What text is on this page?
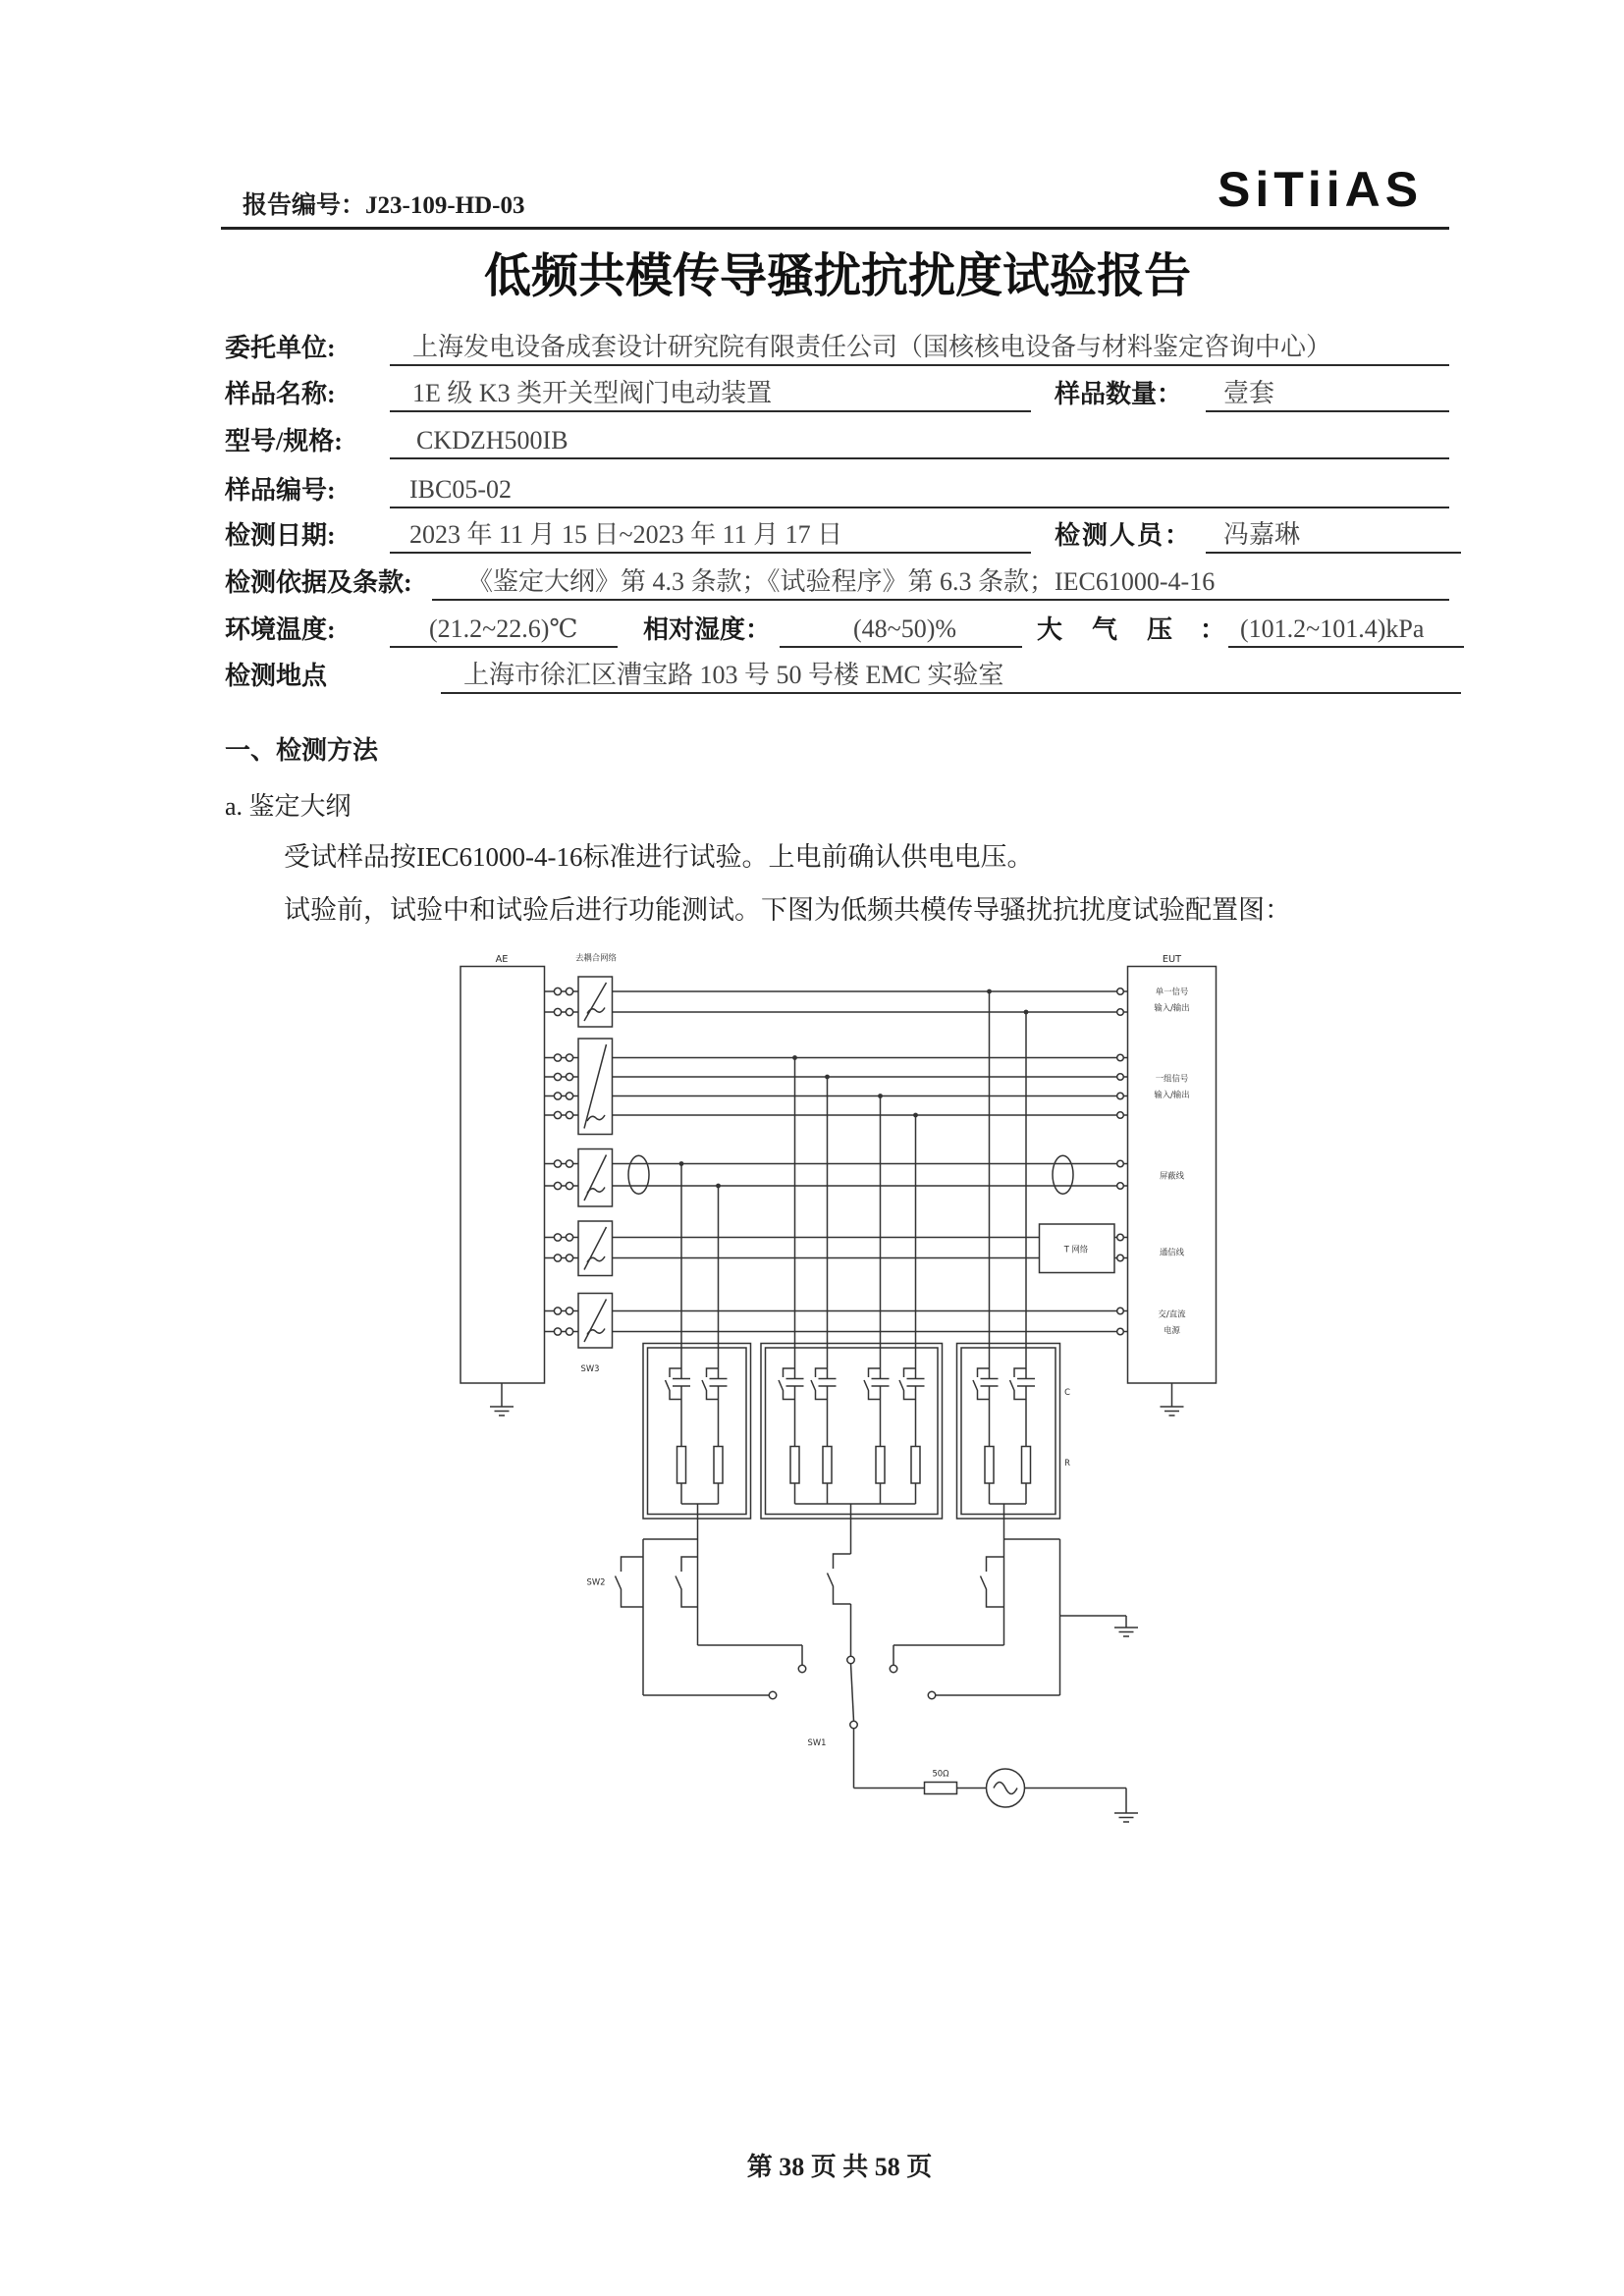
报告编号：J23-109-HD-03	SiTiiAS
低频共模传导骚扰抗扰度试验报告
委托单位:	上海发电设备成套设计研究院有限责任公司（国核核电设备与材料鉴定咨询中心）
样品名称:	1E 级 K3 类开关型阀门电动装置	样品数量：	壹套
型号/规格:	CKDZH500IB
样品编号:	IBC05-02
检测日期:	2023 年 11 月 15 日~2023 年 11 月 17 日	检测人员：	冯嘉琳
检测依据及条款:	《鉴定大纲》第 4.3 条款；《试验程序》第 6.3 条款；IEC61000-4-16
环境温度:	(21.2~22.6)℃	相对湿度：	(48~50)%	大　气　压 ： (101.2~101.4)kPa
检测地点	上海市徐汇区漕宝路 103 号 50 号楼 EMC 实验室
一、检测方法
a. 鉴定大纲
受试样品按IEC61000-4-16标准进行试验。上电前确认供电电压。
试验前，试验中和试验后进行功能测试。下图为低频共模传导骚扰抗扰度试验配置图：
AE	去耦合网络	EUT
单一信号
输入/输出
一组信号
输入/输出
屏蔽线
通信线
交/直流
电源
T 网络
SW3
SW2
SW1
50Ω
C
R
第 38 页 共 58 页
